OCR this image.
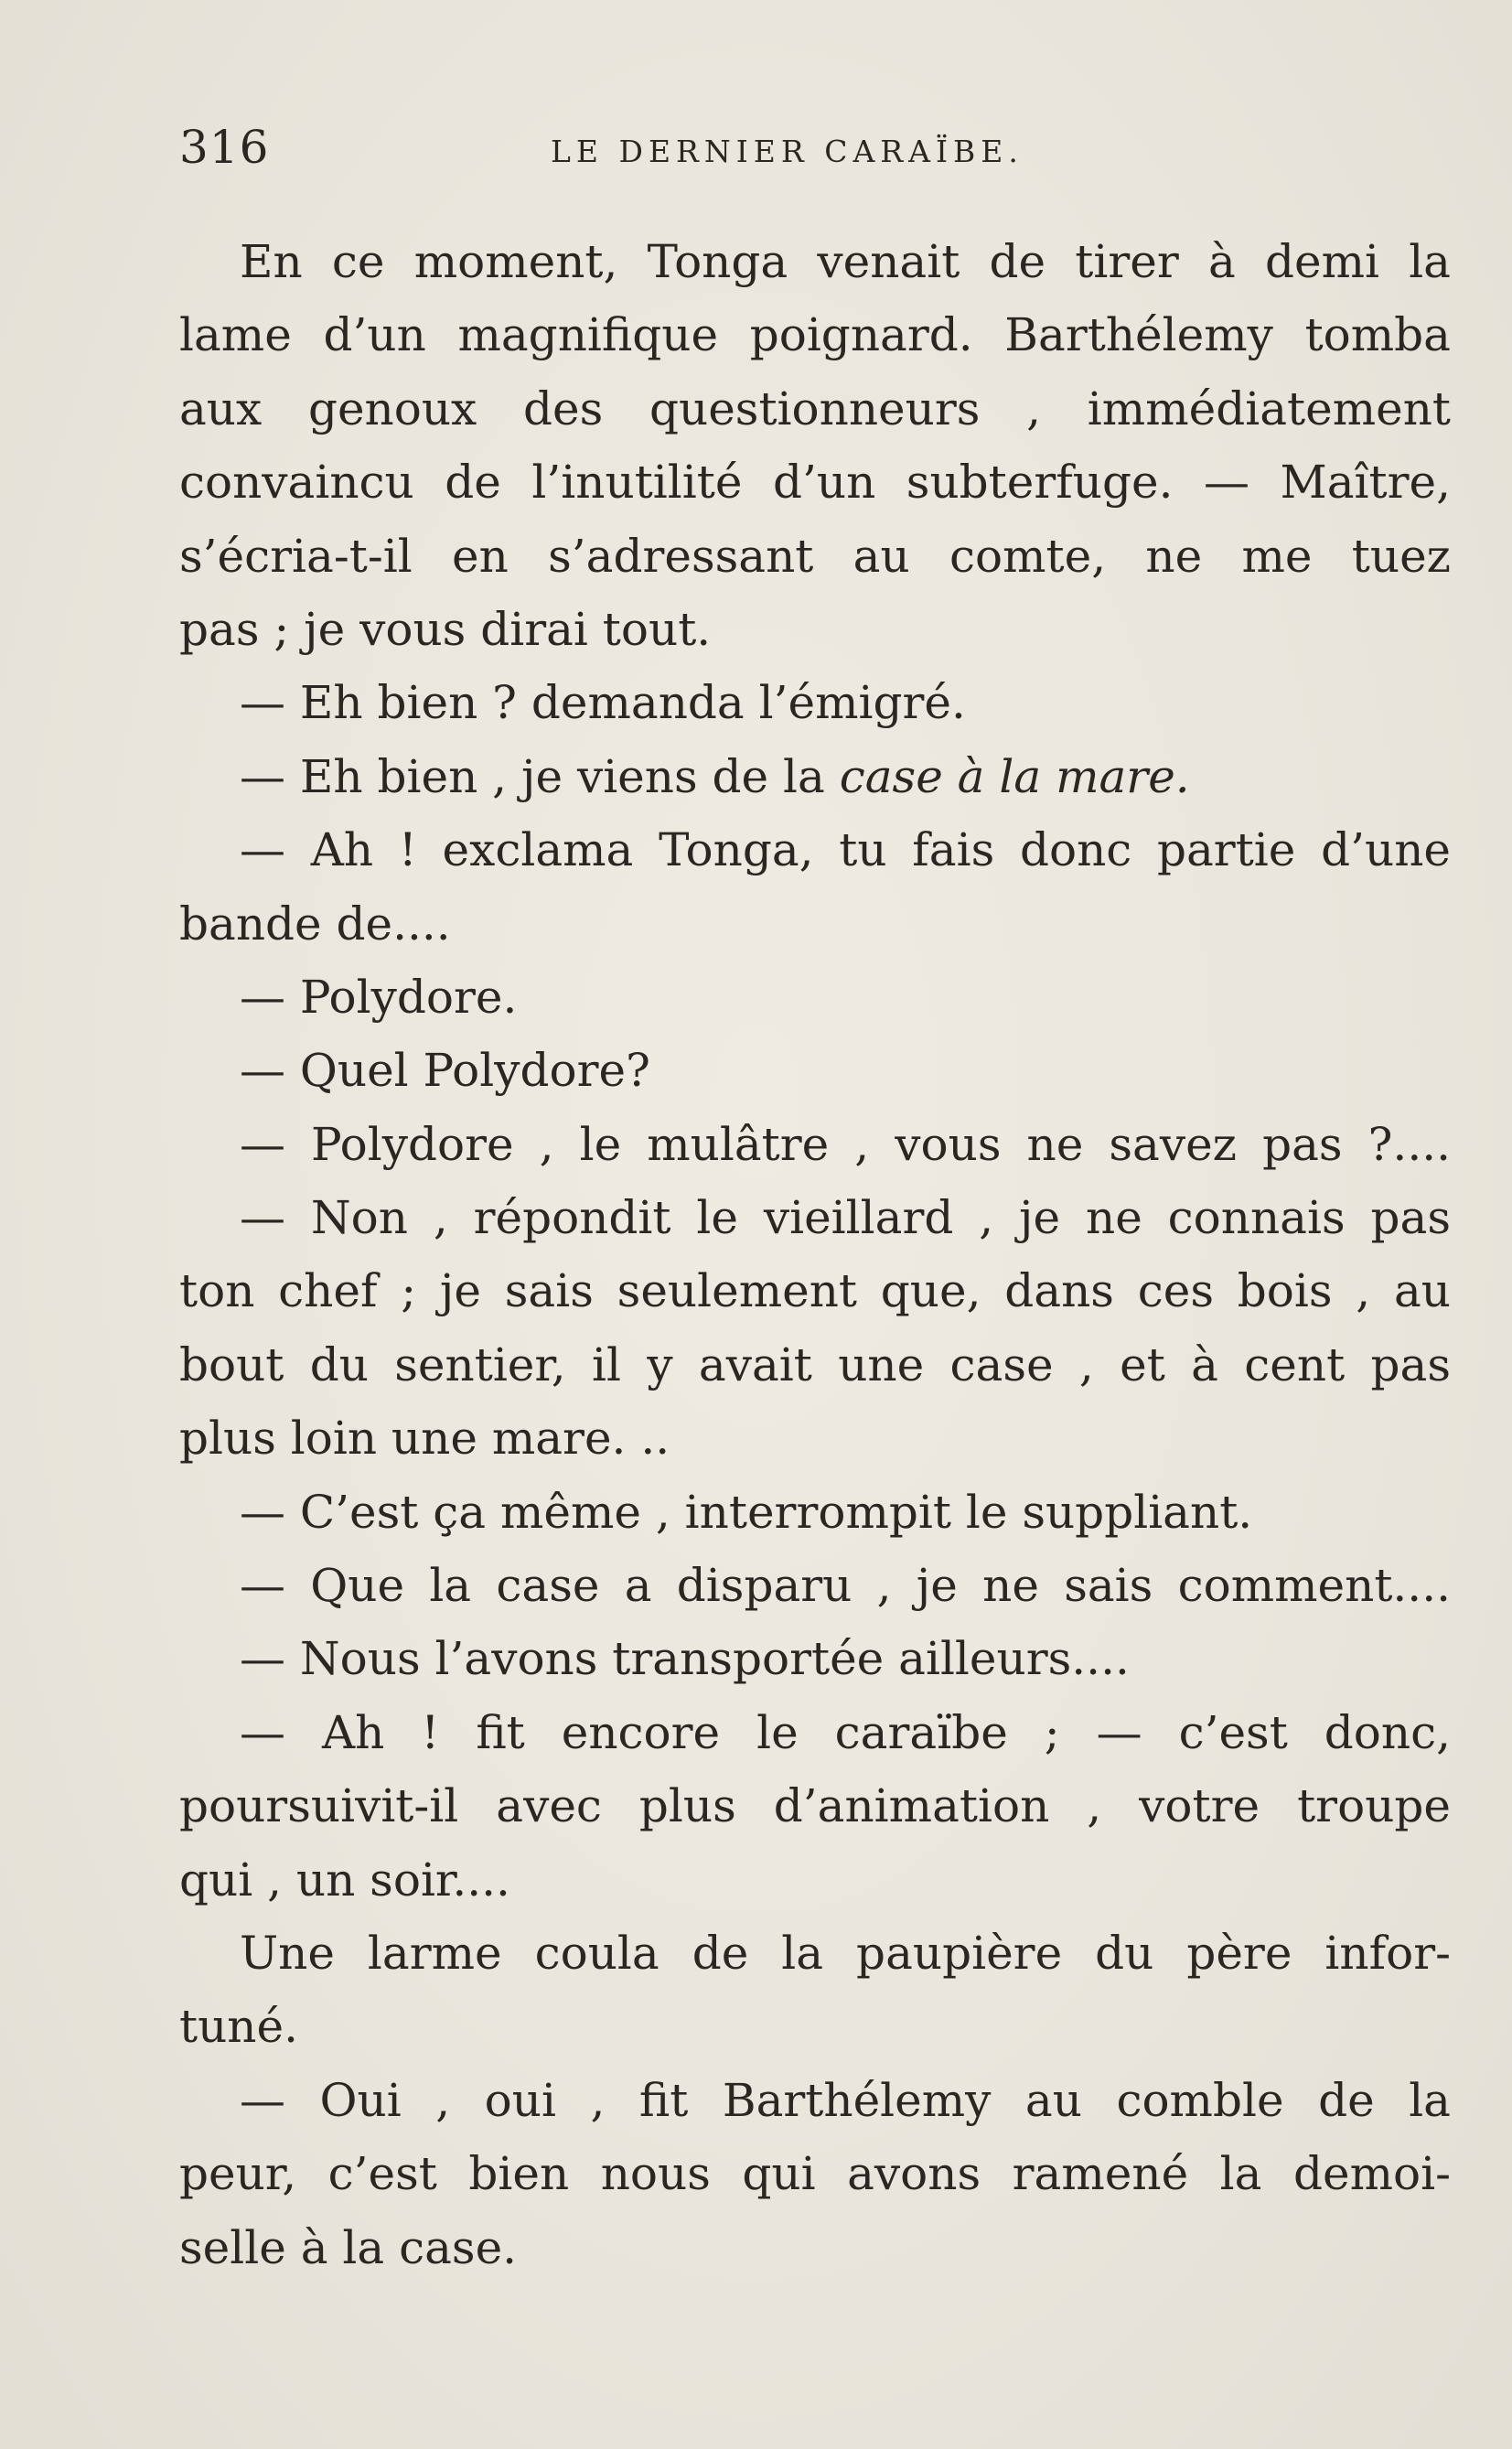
316	LE DERNIER CARAÏBE.
En ce moment, Tonga venait de tirer à demi la
lame d’un magnifique poignard. Barthélemy tomba
aux genoux des questionneurs , immédiatement
convaincu de l’inutilité d’un subterfuge. — Maître,
s’écria-t-il en s’adressant au comte, ne me tuez
pas ; je vous dirai tout.
— Eh bien ? demanda l’émigré.
— Eh bien , je viens de la case à la mare.
— Ah ! exclama Tonga, tu fais donc partie d’une
bande de....
— Polydore.
— Quel Polydore?
— Polydore , le mulâtre , vous ne savez pas ?....
— Non , répondit le vieillard , je ne connais pas
ton chef ; je sais seulement que, dans ces bois , au
bout du sentier, il y avait une case , et à cent pas
plus loin une mare. ..
— C’est ça même , interrompit le suppliant.
— Que la case a disparu , je ne sais comment....
— Nous l’avons transportée ailleurs....
— Ah ! fit encore le caraïbe ; — c’est donc,
poursuivit-il avec plus d’animation , votre troupe
qui , un soir....
Une larme coula de la paupière du père infor-
tuné.
— Oui , oui , fit Barthélemy au comble de la
peur, c’est bien nous qui avons ramené la demoi-
selle à la case.
